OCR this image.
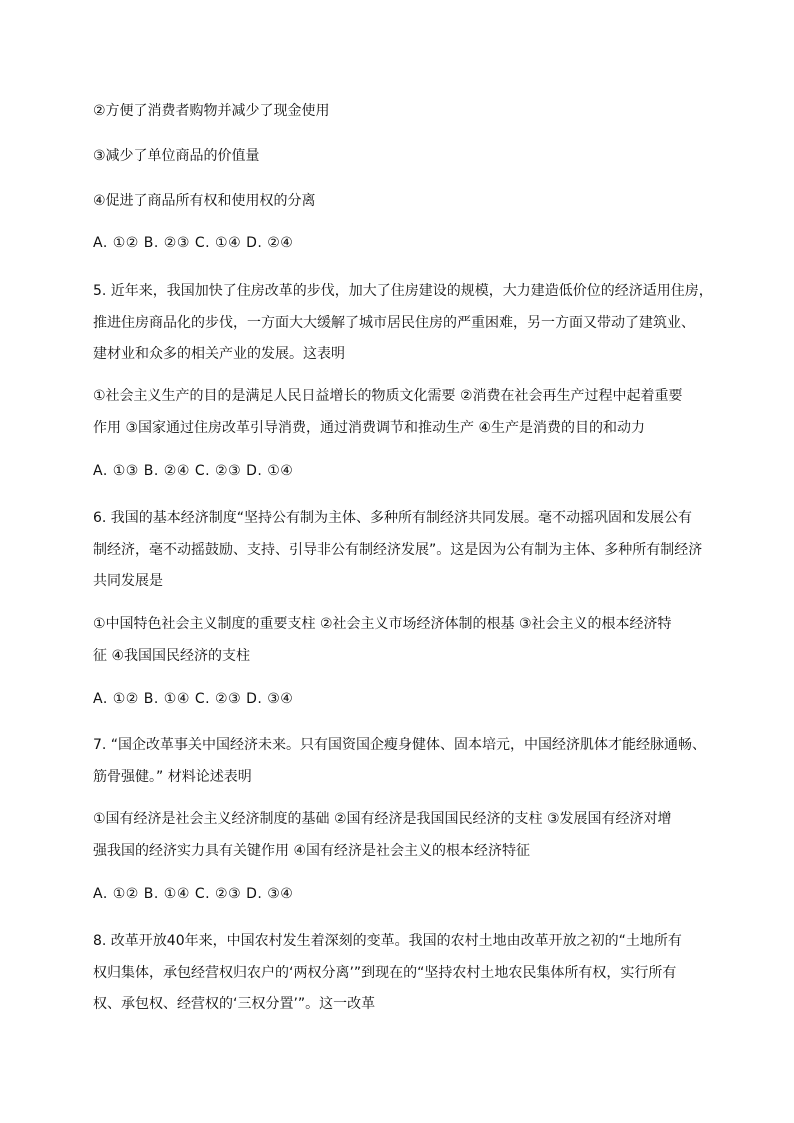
②方便了消费者购物并减少了现金使用
③减少了单位商品的价值量
④促进了商品所有权和使用权的分离
A. ①② B. ②③ C. ①④ D. ②④
5. 近年来，我国加快了住房改革的步伐，加大了住房建设的规模，大力建造低价位的经济适用住房，
推进住房商品化的步伐，一方面大大缓解了城市居民住房的严重困难，另一方面又带动了建筑业、
建材业和众多的相关产业的发展。这表明
①社会主义生产的目的是满足人民日益增长的物质文化需要 ②消费在社会再生产过程中起着重要
作用 ③国家通过住房改革引导消费，通过消费调节和推动生产 ④生产是消费的目的和动力
A. ①③ B. ②④ C. ②③ D. ①④
6. 我国的基本经济制度“坚持公有制为主体、多种所有制经济共同发展。毫不动摇巩固和发展公有
制经济，毫不动摇鼓励、支持、引导非公有制经济发展”。这是因为公有制为主体、多种所有制经济
共同发展是
①中国特色社会主义制度的重要支柱 ②社会主义市场经济体制的根基 ③社会主义的根本经济特
征 ④我国国民经济的支柱
A. ①② B. ①④ C. ②③ D. ③④
7. “国企改革事关中国经济未来。只有国资国企瘦身健体、固本培元，中国经济肌体才能经脉通畅、
筋骨强健。” 材料论述表明
①国有经济是社会主义经济制度的基础 ②国有经济是我国国民经济的支柱 ③发展国有经济对增
强我国的经济实力具有关键作用 ④国有经济是社会主义的根本经济特征
A. ①② B. ①④ C. ②③ D. ③④
8. 改革开放40年来，中国农村发生着深刻的变革。我国的农村土地由改革开放之初的“土地所有
权归集体，承包经营权归农户的‘两权分离’”到现在的“坚持农村土地农民集体所有权，实行所有
权、承包权、经营权的‘三权分置’”。这一改革
